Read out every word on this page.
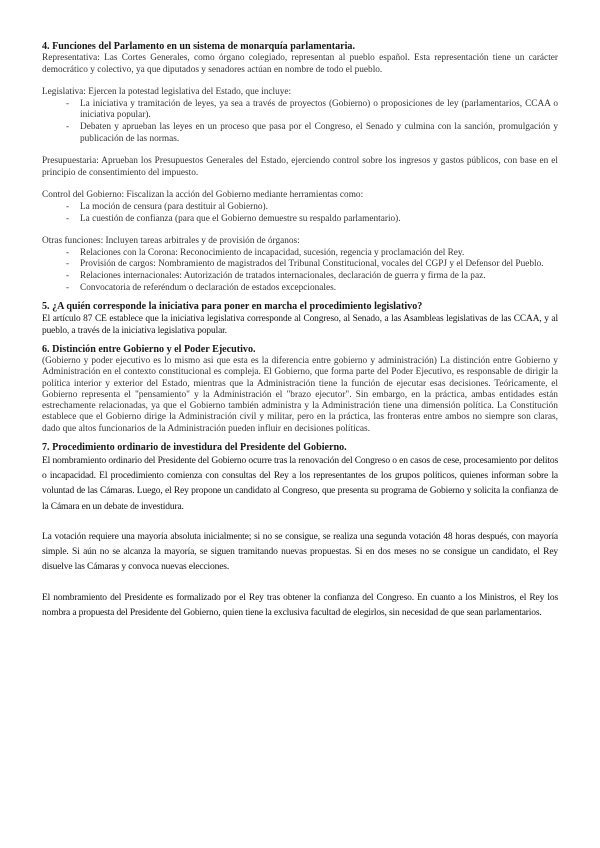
4. Funciones del Parlamento en un sistema de monarquía parlamentaria.

Representativa: Las Cortes Generales, como órgano colegiado, representan al pueblo español. Esta representación tiene un carácter democrático y colectivo, ya que diputados y senadores actúan en nombre de todo el pueblo.

Legislativa: Ejercen la potestad legislativa del Estado, que incluye:

- La iniciativa y tramitación de leyes, ya sea a través de proyectos (Gobierno) o proposiciones de ley (parlamentarios, CCAA o iniciativa popular).
- Debaten y aprueban las leyes en un proceso que pasa por el Congreso, el Senado y culmina con la sanción, promulgación y publicación de las normas.

Presupuestaria: Aprueban los Presupuestos Generales del Estado, ejerciendo control sobre los ingresos y gastos públicos, con base en el principio de consentimiento del impuesto.

Control del Gobierno: Fiscalizan la acción del Gobierno mediante herramientas como:

- La moción de censura (para destituir al Gobierno).
- La cuestión de confianza (para que el Gobierno demuestre su respaldo parlamentario).

Otras funciones: Incluyen tareas arbitrales y de provisión de órganos:

- Relaciones con la Corona: Reconocimiento de incapacidad, sucesión, regencia y proclamación del Rey.
- Provisión de cargos: Nombramiento de magistrados del Tribunal Constitucional, vocales del CGPJ y el Defensor del Pueblo.
- Relaciones internacionales: Autorización de tratados internacionales, declaración de guerra y firma de la paz.
- Convocatoria de referéndum o declaración de estados excepcionales.
5. ¿A quién corresponde la iniciativa para poner en marcha el procedimiento legislativo?

El artículo 87 CE establece que la iniciativa legislativa corresponde al Congreso, al Senado, a las Asambleas legislativas de las CCAA, y al pueblo, a través de la iniciativa legislativa popular.

6. Distinción entre Gobierno y el Poder Ejecutivo.

(Gobierno y poder ejecutivo es lo mismo asi que esta es la diferencia entre gobierno y administración) La distinción entre Gobierno y Administración en el contexto constitucional es compleja. El Gobierno, que forma parte del Poder Ejecutivo, es responsable de dirigir la política interior y exterior del Estado, mientras que la Administración tiene la función de ejecutar esas decisiones. Teóricamente, el Gobierno representa el "pensamiento" y la Administración el "brazo ejecutor". Sin embargo, en la práctica, ambas entidades están estrechamente relacionadas, ya que el Gobierno también administra y la Administración tiene una dimensión política. La Constitución establece que el Gobierno dirige la Administración civil y militar, pero en la práctica, las fronteras entre ambos no siempre son claras, dado que altos funcionarios de la Administración pueden influir en decisiones políticas.

7. Procedimiento ordinario de investidura del Presidente del Gobierno.

El nombramiento ordinario del Presidente del Gobierno ocurre tras la renovación del Congreso o en casos de cese, procesamiento por delitos o incapacidad. El procedimiento comienza con consultas del Rey a los representantes de los grupos políticos, quienes informan sobre la voluntad de las Cámaras. Luego, el Rey propone un candidato al Congreso, que presenta su programa de Gobierno y solicita la confianza de la Cámara en un debate de investidura.

La votación requiere una mayoría absoluta inicialmente; si no se consigue, se realiza una segunda votación 48 horas después, con mayoría simple. Si aún no se alcanza la mayoría, se siguen tramitando nuevas propuestas. Si en dos meses no se consigue un candidato, el Rey disuelve las Cámaras y convoca nuevas elecciones.

El nombramiento del Presidente es formalizado por el Rey tras obtener la confianza del Congreso. En cuanto a los Ministros, el Rey los nombra a propuesta del Presidente del Gobierno, quien tiene la exclusiva facultad de elegirlos, sin necesidad de que sean parlamentarios.
